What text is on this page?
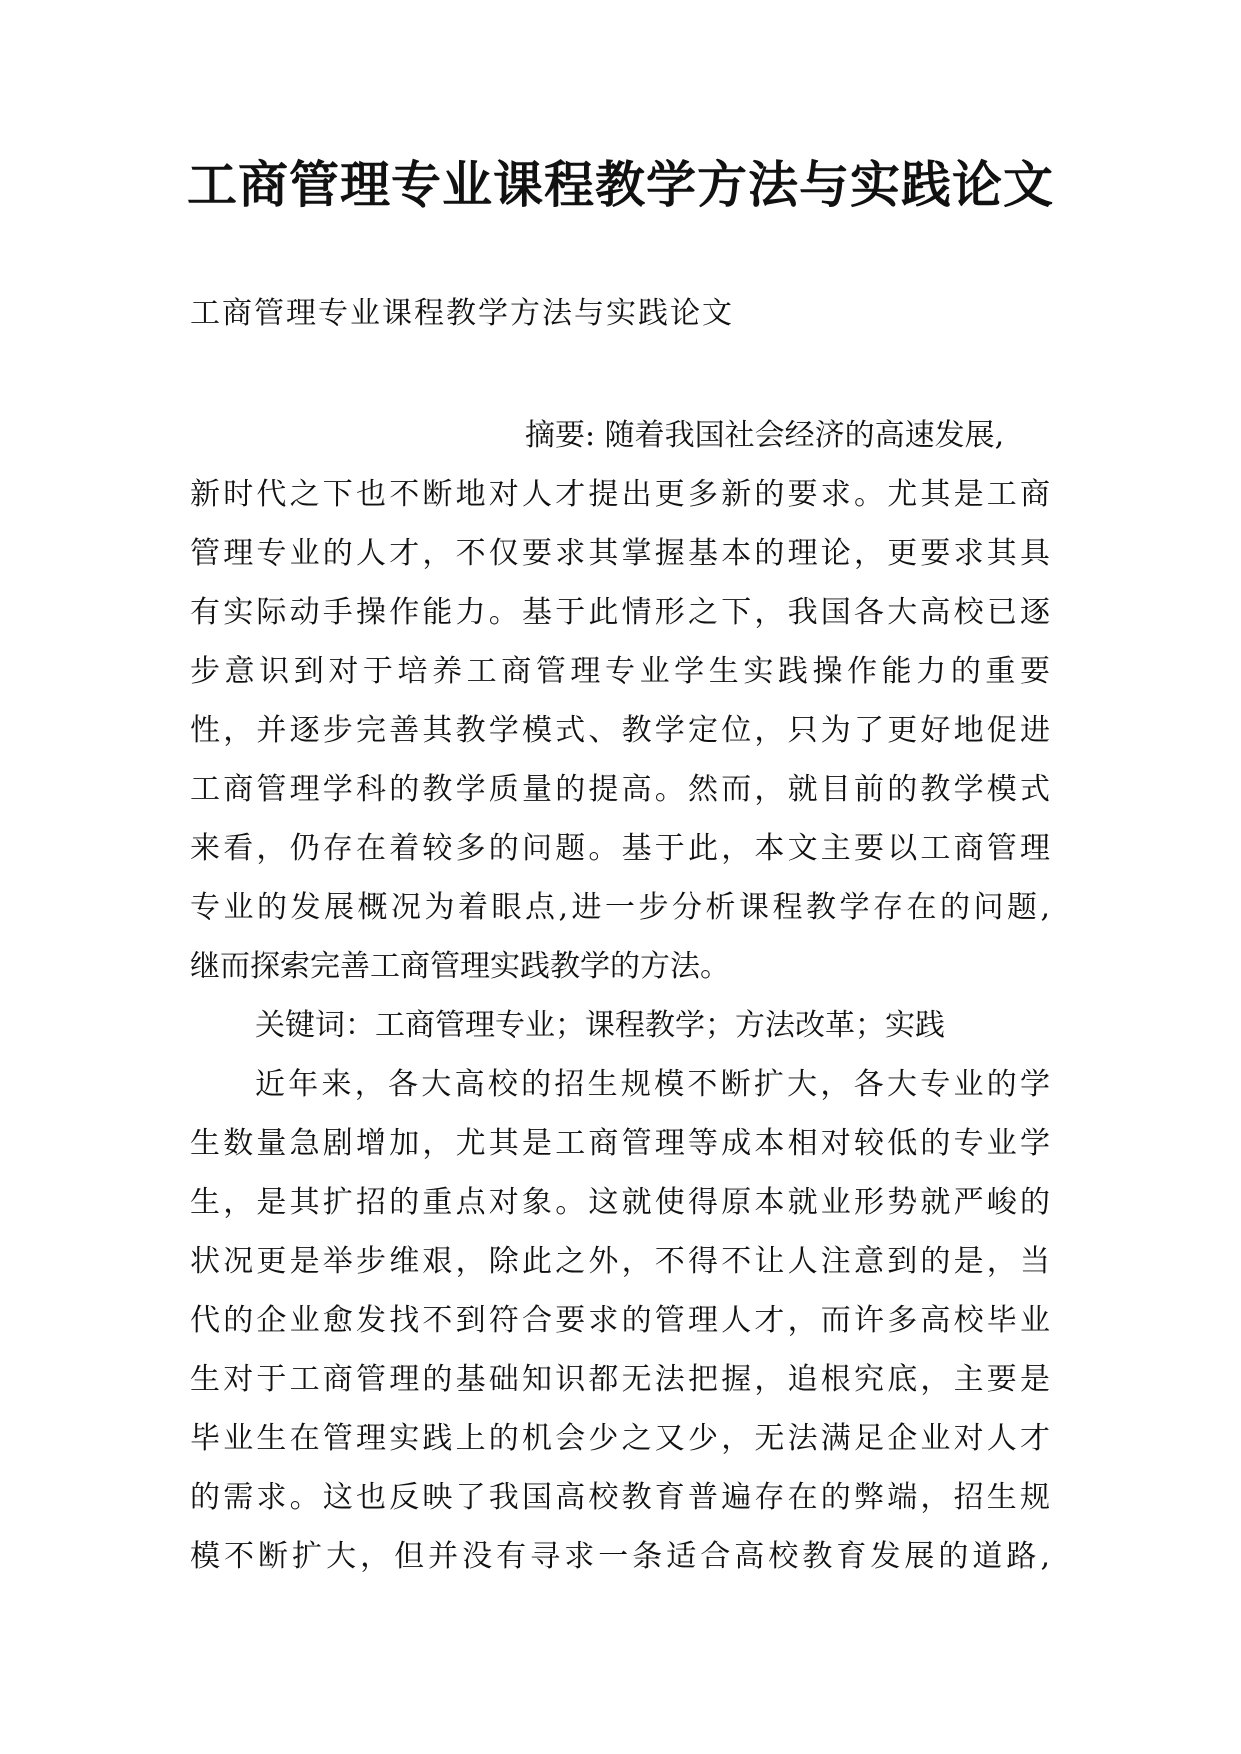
工商管理专业课程教学方法与实践论文
工商管理专业课程教学方法与实践论文
摘要: 随着我国社会经济的高速发展,
新时代之下也不断地对人才提出更多新的要求。尤其是工商
管理专业的人才，不仅要求其掌握基本的理论，更要求其具
有实际动手操作能力。基于此情形之下，我国各大高校已逐
步意识到对于培养工商管理专业学生实践操作能力的重要
性，并逐步完善其教学模式、教学定位，只为了更好地促进
工商管理学科的教学质量的提高。然而，就目前的教学模式
来看，仍存在着较多的问题。基于此，本文主要以工商管理
专业的发展概况为着眼点,进一步分析课程教学存在的问题,
继而探索完善工商管理实践教学的方法。
关键词：工商管理专业；课程教学；方法改革；实践
近年来，各大高校的招生规模不断扩大，各大专业的学
生数量急剧增加，尤其是工商管理等成本相对较低的专业学
生，是其扩招的重点对象。这就使得原本就业形势就严峻的
状况更是举步维艰，除此之外，不得不让人注意到的是，当
代的企业愈发找不到符合要求的管理人才，而许多高校毕业
生对于工商管理的基础知识都无法把握，追根究底，主要是
毕业生在管理实践上的机会少之又少，无法满足企业对人才
的需求。这也反映了我国高校教育普遍存在的弊端，招生规
模不断扩大，但并没有寻求一条适合高校教育发展的道路,
